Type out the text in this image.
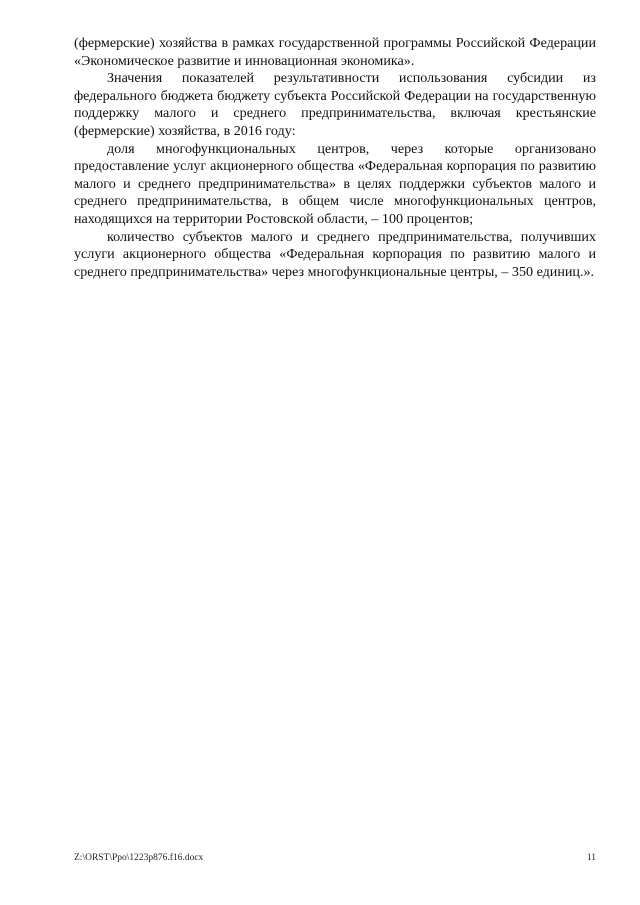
(фермерские) хозяйства в рамках государственной программы Российской Федерации «Экономическое развитие и инновационная экономика».

Значения показателей результативности использования субсидии из федерального бюджета бюджету субъекта Российской Федерации на государственную поддержку малого и среднего предпринимательства, включая крестьянские (фермерские) хозяйства, в 2016 году:

доля многофункциональных центров, через которые организовано предоставление услуг акционерного общества «Федеральная корпорация по развитию малого и среднего предпринимательства» в целях поддержки субъектов малого и среднего предпринимательства, в общем числе многофункциональных центров, находящихся на территории Ростовской области, – 100 процентов;

количество субъектов малого и среднего предпринимательства, получивших услуги акционерного общества «Федеральная корпорация по развитию малого и среднего предпринимательства» через многофункциональные центры, – 350 единиц.».

Z:\ORST\Ppo\1223p876.f16.docx	11
